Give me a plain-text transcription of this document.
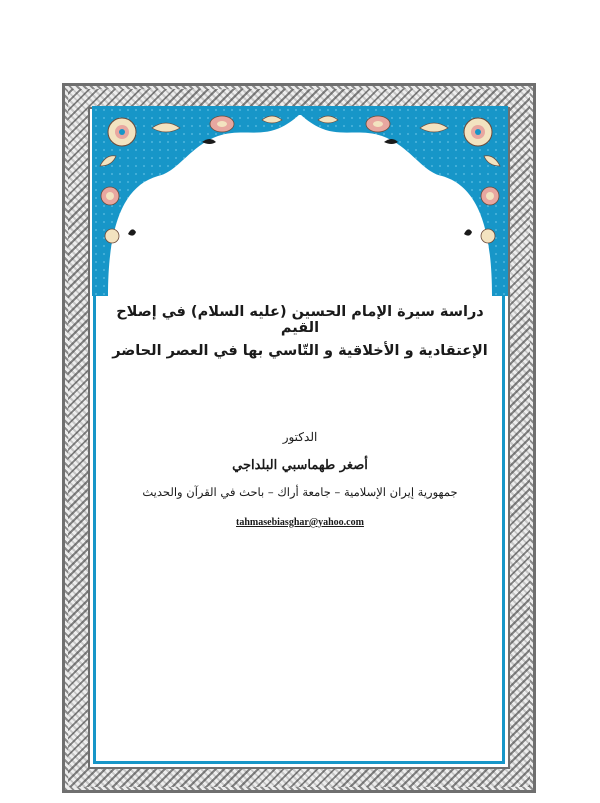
دراسة سيرة الإمام الحسين (عليه السلام) في إصلاح القيم
الإعتقادية و الأخلاقية و التّاسي بها في العصر الحاضر
الدكتور
أصغر طهماسبي البلداجي
جمهورية إيران الإسلامية – جامعة أراك – باحث في القرآن والحديث
tahmasebiasghar@yahoo.com
